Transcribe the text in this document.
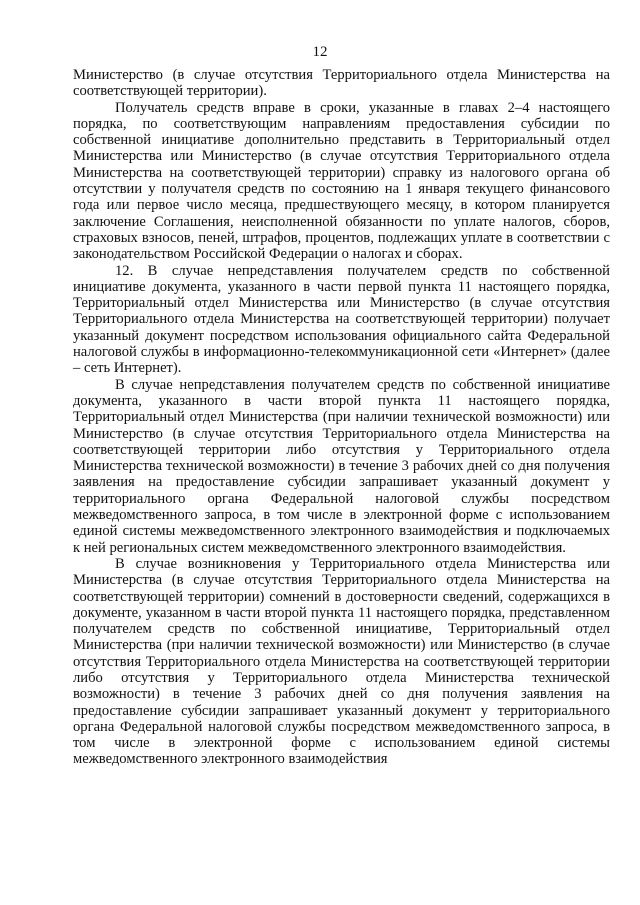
12

Министерство (в случае отсутствия Территориального отдела Министерства на соответствующей территории).

Получатель средств вправе в сроки, указанные в главах 2–4 настоящего порядка, по соответствующим направлениям предоставления субсидии по собственной инициативе дополнительно представить в Территориальный отдел Министерства или Министерство (в случае отсутствия Территориального отдела Министерства на соответствующей территории) справку из налогового органа об отсутствии у получателя средств по состоянию на 1 января текущего финансового года или первое число месяца, предшествующего месяцу, в котором планируется заключение Соглашения, неисполненной обязанности по уплате налогов, сборов, страховых взносов, пеней, штрафов, процентов, подлежащих уплате в соответствии с законодательством Российской Федерации о налогах и сборах.

12. В случае непредставления получателем средств по собственной инициативе документа, указанного в части первой пункта 11 настоящего порядка, Территориальный отдел Министерства или Министерство (в случае отсутствия Территориального отдела Министерства на соответствующей территории) получает указанный документ посредством использования официального сайта Федеральной налоговой службы в информационно-телекоммуникационной сети «Интернет» (далее – сеть Интернет).

В случае непредставления получателем средств по собственной инициативе документа, указанного в части второй пункта 11 настоящего порядка, Территориальный отдел Министерства (при наличии технической возможности) или Министерство (в случае отсутствия Территориального отдела Министерства на соответствующей территории либо отсутствия у Территориального отдела Министерства технической возможности) в течение 3 рабочих дней со дня получения заявления на предоставление субсидии запрашивает указанный документ у территориального органа Федеральной налоговой службы посредством межведомственного запроса, в том числе в электронной форме с использованием единой системы межведомственного электронного взаимодействия и подключаемых к ней региональных систем межведомственного электронного взаимодействия.

В случае возникновения у Территориального отдела Министерства или Министерства (в случае отсутствия Территориального отдела Министерства на соответствующей территории) сомнений в достоверности сведений, содержащихся в документе, указанном в части второй пункта 11 настоящего порядка, представленном получателем средств по собственной инициативе, Территориальный отдел Министерства (при наличии технической возможности) или Министерство (в случае отсутствия Территориального отдела Министерства на соответствующей территории либо отсутствия у Территориального отдела Министерства технической возможности) в течение 3 рабочих дней со дня получения заявления на предоставление субсидии запрашивает указанный документ у территориального органа Федеральной налоговой службы посредством межведомственного запроса, в том числе в электронной форме с использованием единой системы межведомственного электронного взаимодействия
